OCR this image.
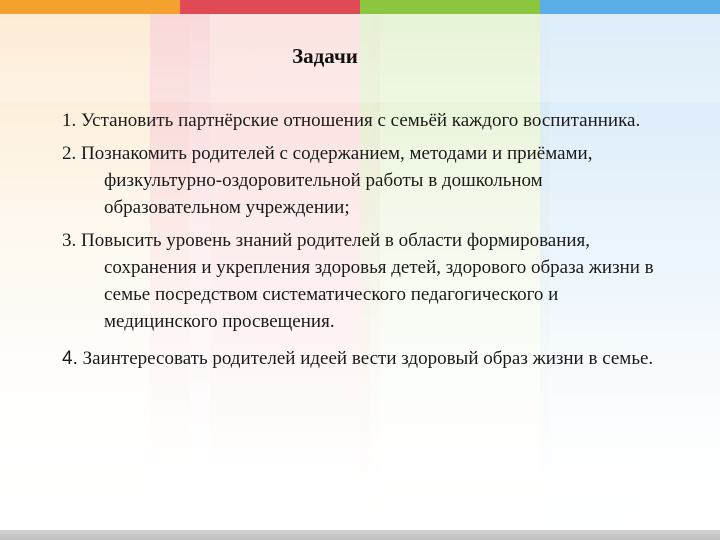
Задачи
1. Установить партнёрские отношения с семьёй каждого воспитанника.
2. Познакомить родителей с содержанием, методами и приёмами, физкультурно-оздоровительной работы в дошкольном образовательном учреждении;
3. Повысить уровень знаний родителей в области формирования, сохранения и укрепления здоровья детей, здорового образа жизни в семье посредством систематического педагогического и медицинского просвещения.
4. Заинтересовать родителей идеей вести здоровый образ жизни в семье.
